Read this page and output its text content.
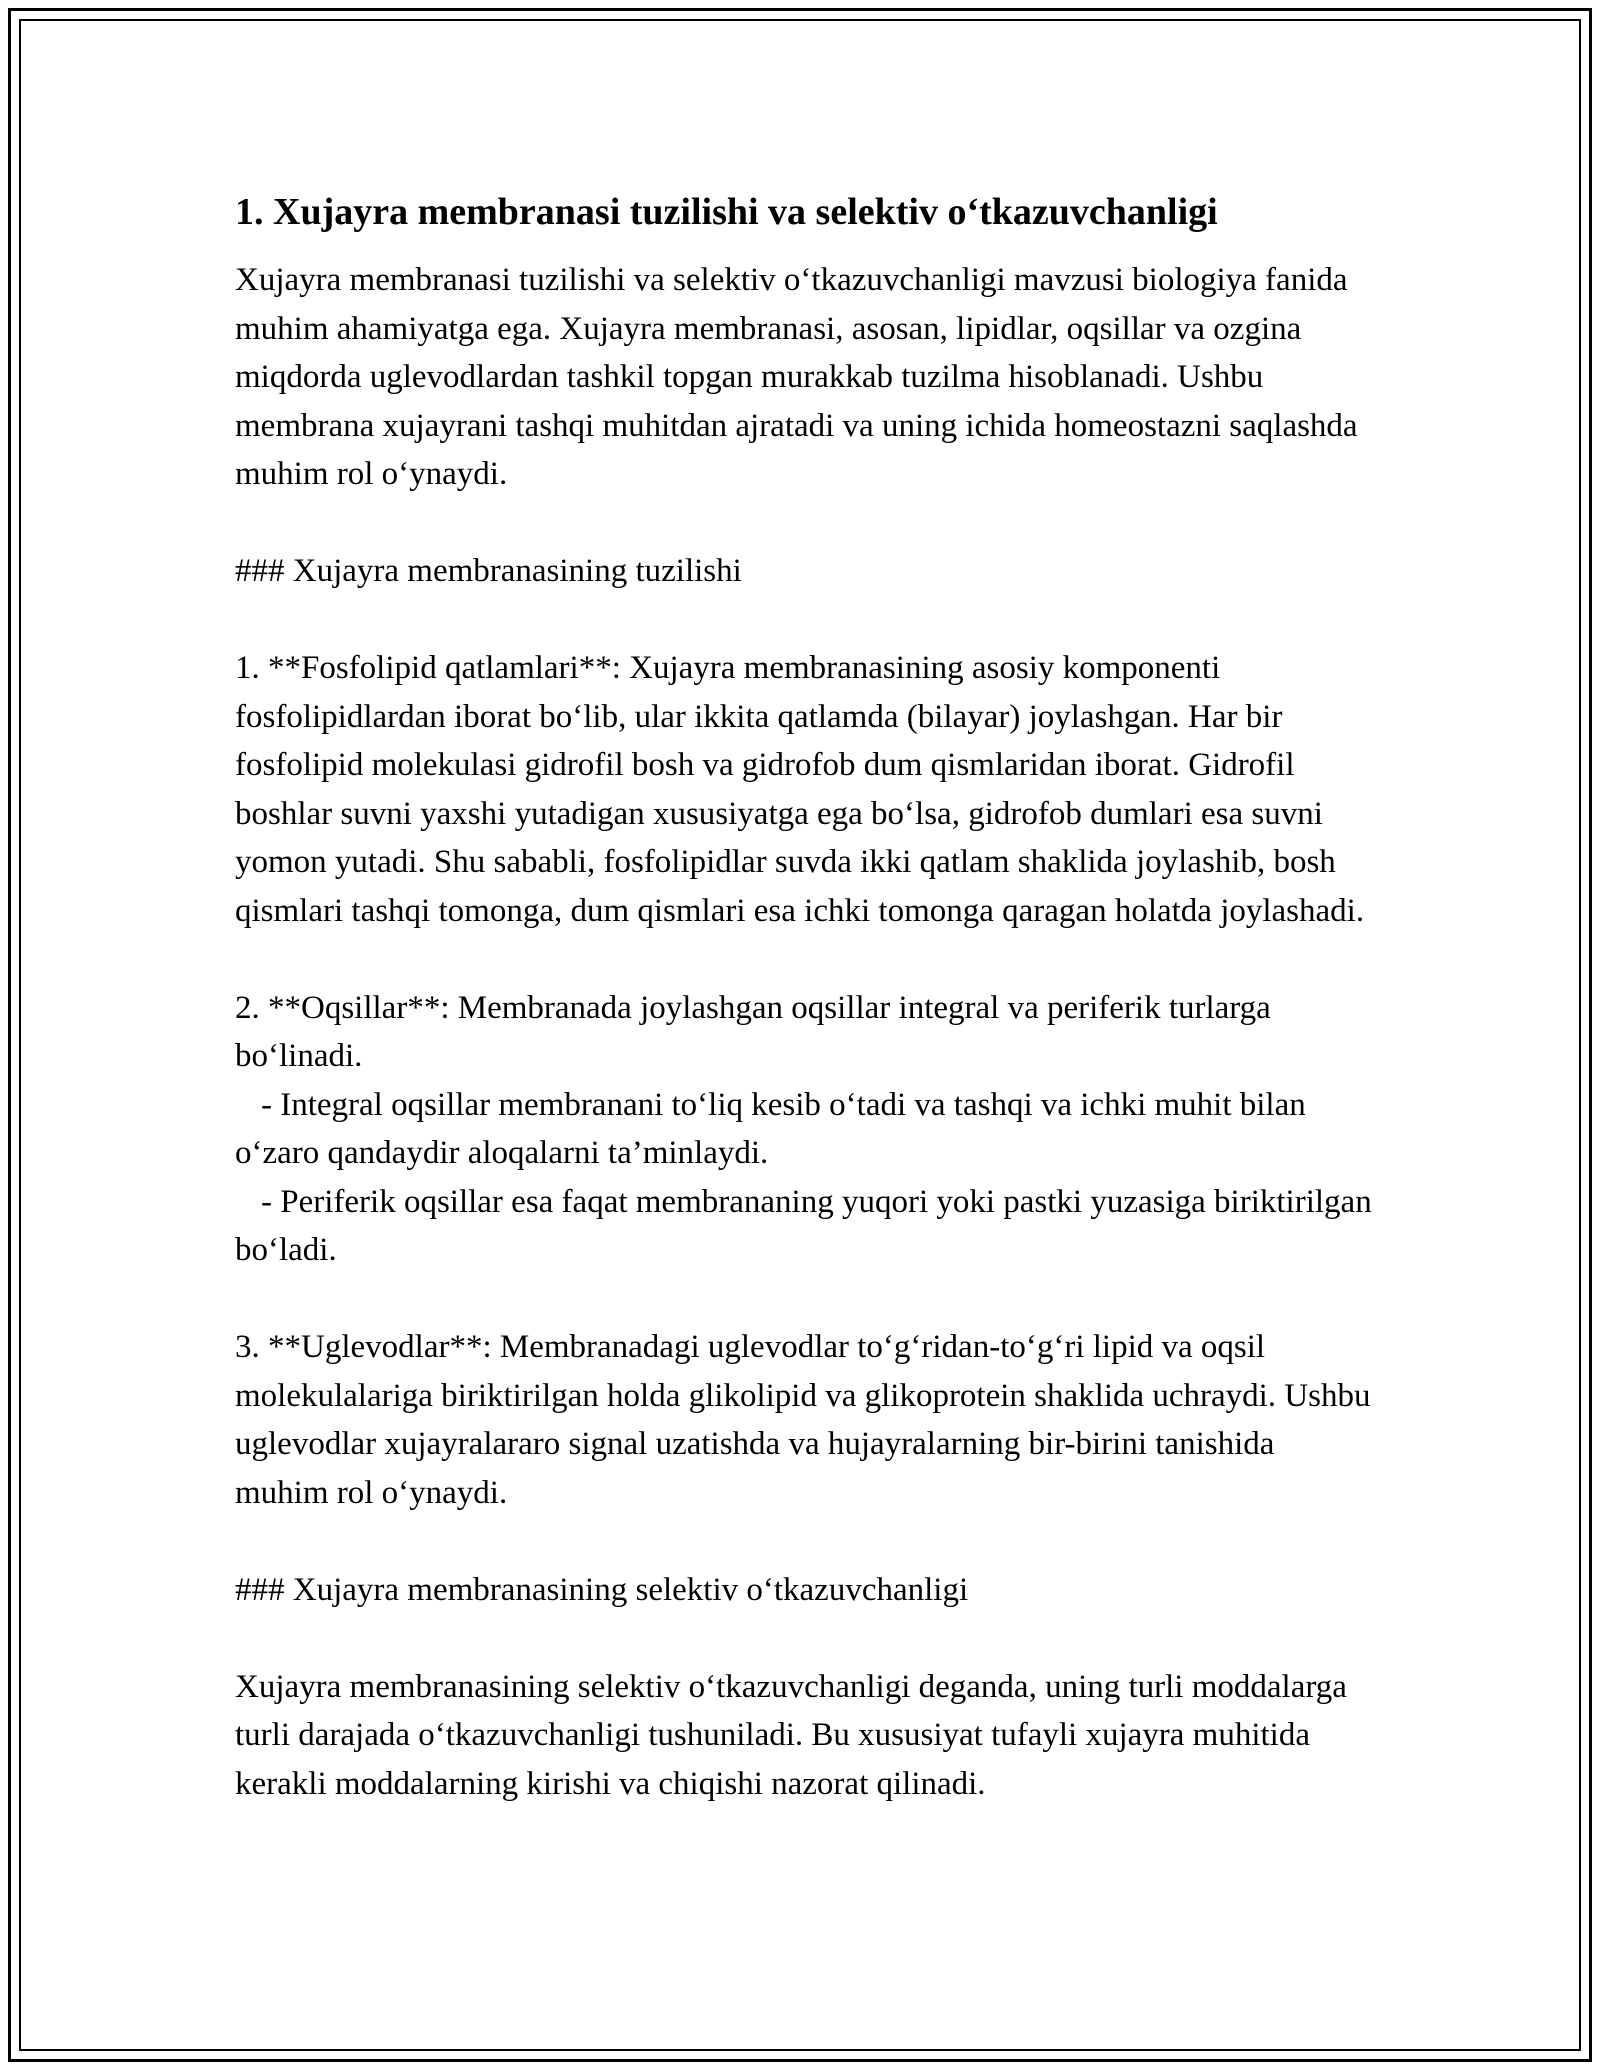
1. Xujayra membranasi tuzilishi va selektiv o‘tkazuvchanligi

Xujayra membranasi tuzilishi va selektiv o‘tkazuvchanligi mavzusi biologiya fanida muhim ahamiyatga ega. Xujayra membranasi, asosan, lipidlar, oqsillar va ozgina miqdorda uglevodlardan tashkil topgan murakkab tuzilma hisoblanadi. Ushbu membrana xujayrani tashqi muhitdan ajratadi va uning ichida homeostazni saqlashda muhim rol o‘ynaydi.

### Xujayra membranasining tuzilishi

1. **Fosfolipid qatlamlari**: Xujayra membranasining asosiy komponenti fosfolipidlardan iborat bo‘lib, ular ikkita qatlamda (bilayar) joylashgan. Har bir fosfolipid molekulasi gidrofil bosh va gidrofob dum qismlaridan iborat. Gidrofil boshlar suvni yaxshi yutadigan xususiyatga ega bo‘lsa, gidrofob dumlari esa suvni yomon yutadi. Shu sababli, fosfolipidlar suvda ikki qatlam shaklida joylashib, bosh qismlari tashqi tomonga, dum qismlari esa ichki tomonga qaragan holatda joylashadi.

2. **Oqsillar**: Membranada joylashgan oqsillar integral va periferik turlarga bo‘linadi.

- Integral oqsillar membranani to‘liq kesib o‘tadi va tashqi va ichki muhit bilan o‘zaro qandaydir aloqalarni ta’minlaydi.

- Periferik oqsillar esa faqat membrananing yuqori yoki pastki yuzasiga biriktirilgan bo‘ladi.

3. **Uglevodlar**: Membranadagi uglevodlar to‘g‘ridan-to‘g‘ri lipid va oqsil molekulalariga biriktirilgan holda glikolipid va glikoprotein shaklida uchraydi. Ushbu uglevodlar xujayralararo signal uzatishda va hujayralarning bir-birini tanishida muhim rol o‘ynaydi.

### Xujayra membranasining selektiv o‘tkazuvchanligi

Xujayra membranasining selektiv o‘tkazuvchanligi deganda, uning turli moddalarga turli darajada o‘tkazuvchanligi tushuniladi. Bu xususiyat tufayli xujayra muhitida kerakli moddalarning kirishi va chiqishi nazorat qilinadi.
